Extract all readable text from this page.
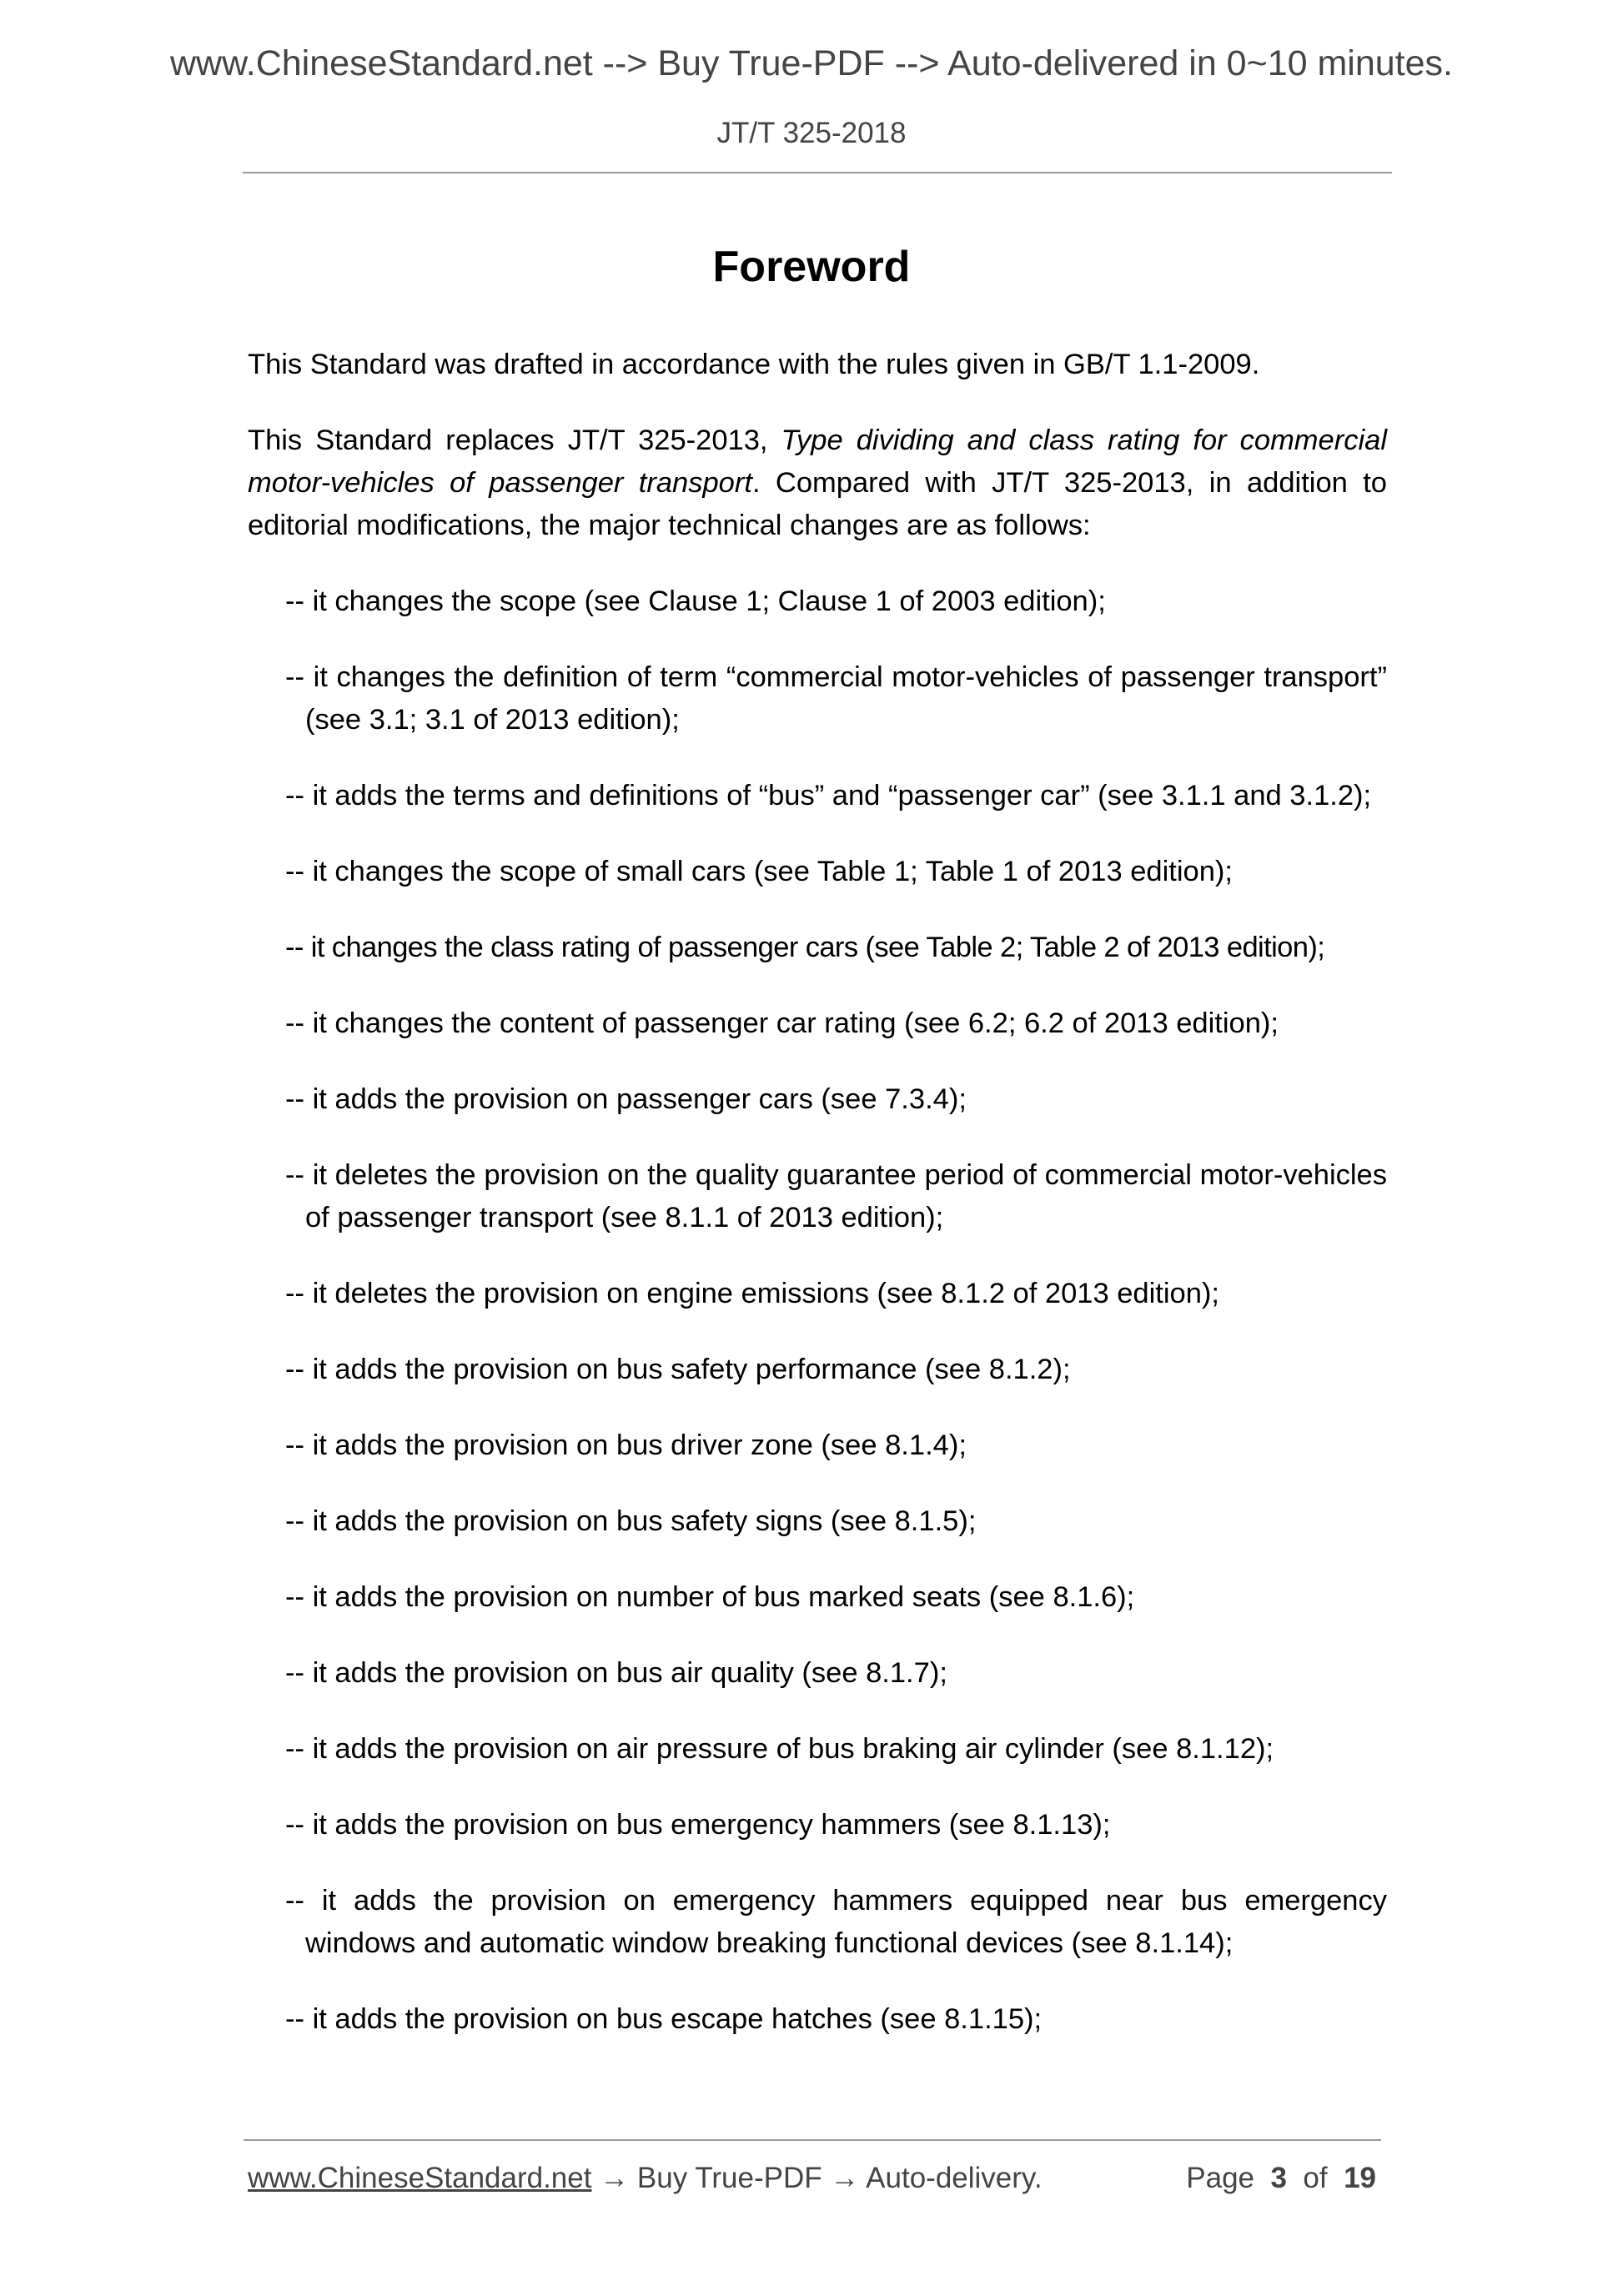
www.ChineseStandard.net --> Buy True-PDF --> Auto-delivered in 0~10 minutes.
JT/T 325-2018
Foreword

This Standard was drafted in accordance with the rules given in GB/T 1.1-2009.

This Standard replaces JT/T 325-2013, Type dividing and class rating for commercial motor-vehicles of passenger transport. Compared with JT/T 325-2013, in addition to editorial modifications, the major technical changes are as follows:

-- it changes the scope (see Clause 1; Clause 1 of 2003 edition);
-- it changes the definition of term “commercial motor-vehicles of passenger transport” (see 3.1; 3.1 of 2013 edition);
-- it adds the terms and definitions of “bus” and “passenger car” (see 3.1.1 and 3.1.2);
-- it changes the scope of small cars (see Table 1; Table 1 of 2013 edition);
-- it changes the class rating of passenger cars (see Table 2; Table 2 of 2013 edition);
-- it changes the content of passenger car rating (see 6.2; 6.2 of 2013 edition);
-- it adds the provision on passenger cars (see 7.3.4);
-- it deletes the provision on the quality guarantee period of commercial motor-vehicles of passenger transport (see 8.1.1 of 2013 edition);
-- it deletes the provision on engine emissions (see 8.1.2 of 2013 edition);
-- it adds the provision on bus safety performance (see 8.1.2);
-- it adds the provision on bus driver zone (see 8.1.4);
-- it adds the provision on bus safety signs (see 8.1.5);
-- it adds the provision on number of bus marked seats (see 8.1.6);
-- it adds the provision on bus air quality (see 8.1.7);
-- it adds the provision on air pressure of bus braking air cylinder (see 8.1.12);
-- it adds the provision on bus emergency hammers (see 8.1.13);
-- it adds the provision on emergency hammers equipped near bus emergency windows and automatic window breaking functional devices (see 8.1.14);
-- it adds the provision on bus escape hatches (see 8.1.15);
www.ChineseStandard.net → Buy True-PDF → Auto-delivery.	Page 3 of 19
